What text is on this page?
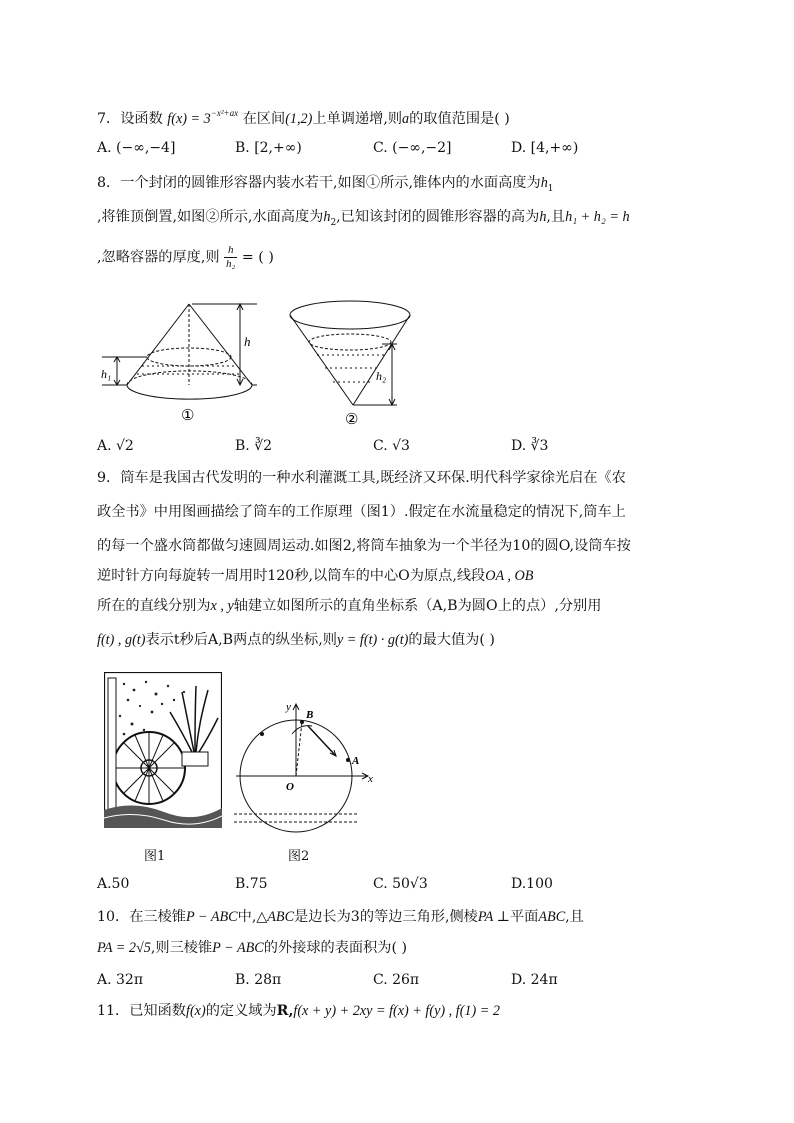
7．设函数 $f(x) = 3^{-x^2+ax}$ 在区间(1,2)上单调递增,则a的取值范围是( )
A. (−∞,−4]	B. [2,+∞)	C. (−∞,−2]	D. [4,+∞)
8．一个封闭的圆锥形容器内装水若干,如图①所示,锥体内的水面高度为$h_1$
,将锥顶倒置,如图②所示,水面高度为$h_2$,已知该封闭的圆锥形容器的高为h,且h₁ + h₂ = h
,忽略容器的厚度,则 $\frac{h}{\text{h₂}}$ = ( )
h
h₁
①
h₂
②
A. √2	B. ∛2	C. √3	D. ∛3
9．筒车是我国古代发明的一种水利灌溉工具,既经济又环保.明代科学家徐光启在《农
政全书》中用图画描绘了筒车的工作原理（图1）.假定在水流量稳定的情况下,筒车上
的每一个盛水筒都做匀速圆周运动.如图2,将筒车抽象为一个半径为10的圆O,设筒车按
逆时针方向每旋转一周用时120秒,以筒车的中心O为原点,线段OA , OB
所在的直线分别为x , y轴建立如图所示的直角坐标系（A,B为圆O上的点）,分别用
f(t) , g(t)表示t秒后A,B两点的纵坐标,则y = f(t) · g(t)的最大值为( )
图1
y
B
A
O
x
图2
A.50	B.75	C. 50√3	D.100
10．在三棱锥P − ABC中,△ABC是边长为3的等边三角形,侧棱PA ⊥平面ABC,且
PA = 2√5,则三棱锥P − ABC的外接球的表面积为( )
A. 32π	B. 28π	C. 26π	D. 24π
11．已知函数f(x)的定义域为R,f(x + y) + 2xy = f(x) + f(y) , f(1) = 2
